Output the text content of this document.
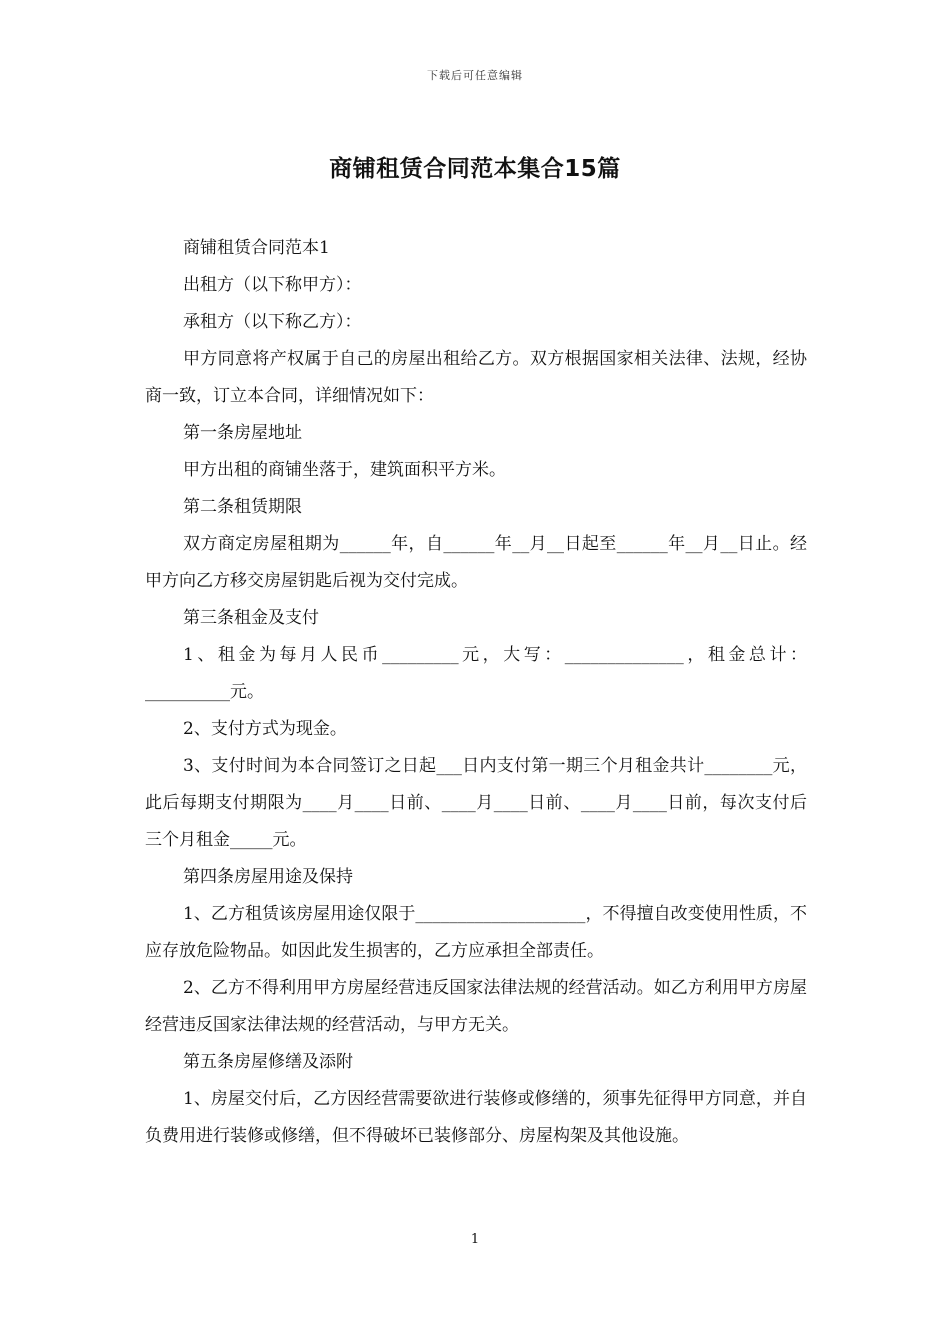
下载后可任意编辑
商铺租赁合同范本集合15篇

商铺租赁合同范本1

出租方（以下称甲方）：

承租方（以下称乙方）：

甲方同意将产权属于自己的房屋出租给乙方。双方根据国家相关法律、法规，经协商一致，订立本合同，详细情况如下：

第一条房屋地址

甲方出租的商铺坐落于，建筑面积平方米。

第二条租赁期限

双方商定房屋租期为______年，自______年__月__日起至______年__月__日止。经甲方向乙方移交房屋钥匙后视为交付完成。

第三条租金及支付

1、租金为每月人民币_________元，大写：______________，租金总计：__________元。

2、支付方式为现金。

3、支付时间为本合同签订之日起___日内支付第一期三个月租金共计________元，此后每期支付期限为____月____日前、____月____日前、____月____日前，每次支付后三个月租金_____元。

第四条房屋用途及保持

1、乙方租赁该房屋用途仅限于____________________，不得擅自改变使用性质，不应存放危险物品。如因此发生损害的，乙方应承担全部责任。

2、乙方不得利用甲方房屋经营违反国家法律法规的经营活动。如乙方利用甲方房屋经营违反国家法律法规的经营活动，与甲方无关。

第五条房屋修缮及添附

1、房屋交付后，乙方因经营需要欲进行装修或修缮的，须事先征得甲方同意，并自负费用进行装修或修缮，但不得破坏已装修部分、房屋构架及其他设施。

1
